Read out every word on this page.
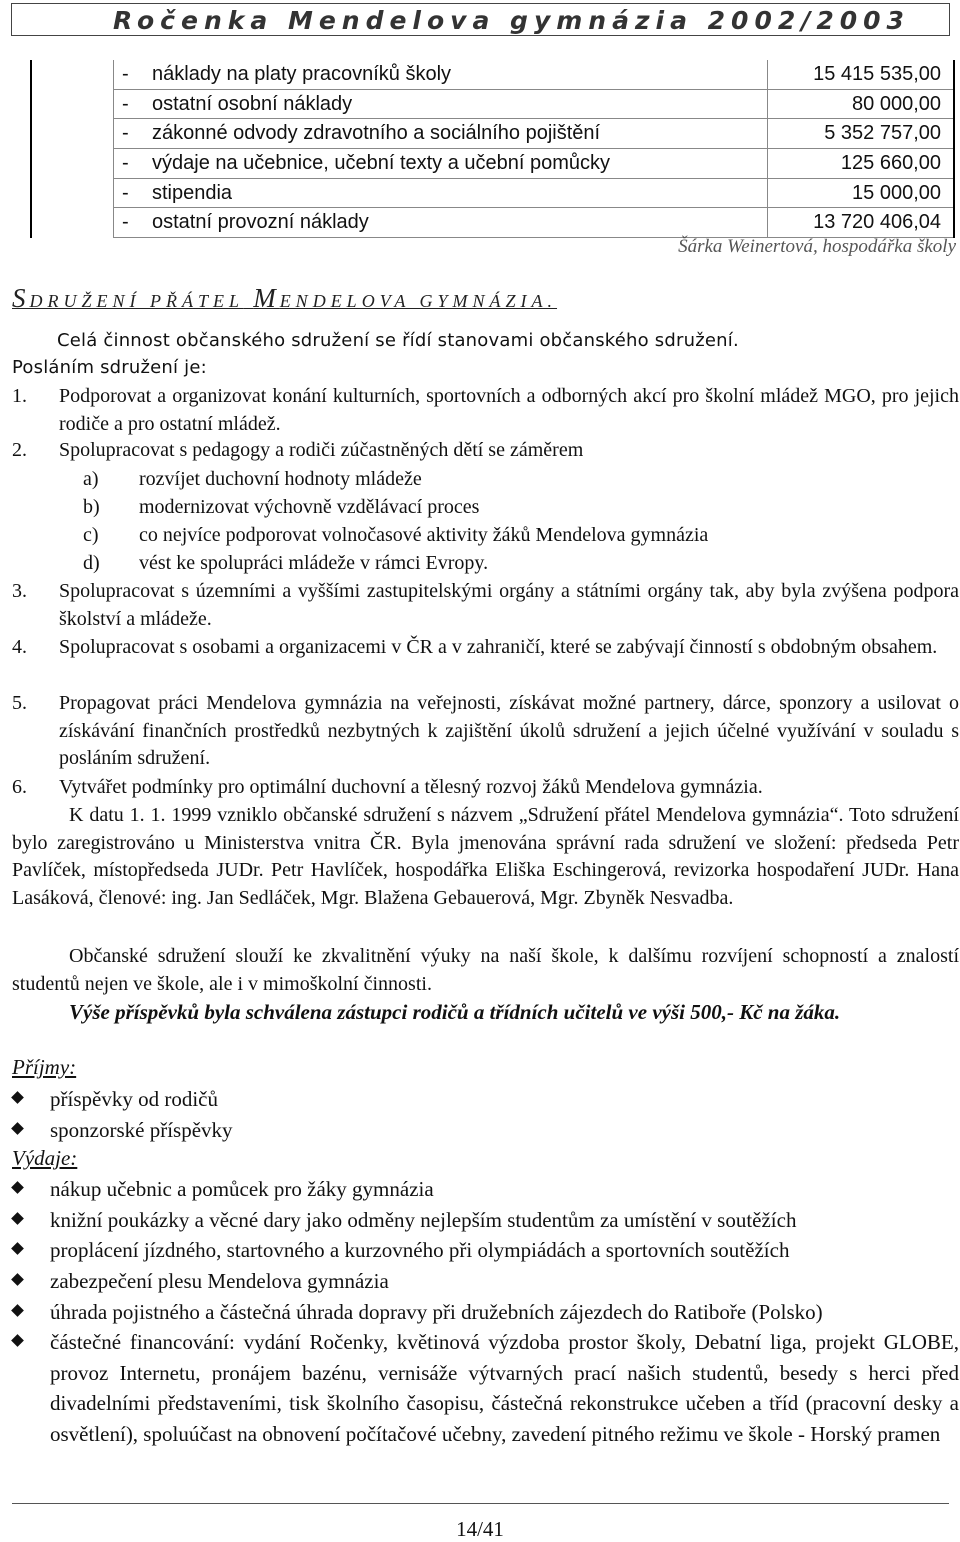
Ročenka Mendelova gymnázia 2002/2003
	- náklady na platy pracovníků školy	15 415 535,00
	- ostatní osobní náklady	80 000,00
	- zákonné odvody zdravotního a sociálního pojištění	5 352 757,00
	- výdaje na učebnice, učební texty a učební pomůcky	125 660,00
	- stipendia	15 000,00
	- ostatní provozní náklady	13 720 406,04
Šárka Weinertová, hospodářka školy
SDRUŽENÍ PŘÁTEL MENDELOVA GYMNÁZIA.

Celá činnost občanského sdružení se řídí stanovami občanského sdružení.

Posláním sdružení je:

1.	Podporovat a organizovat konání kulturních, sportovních a odborných akcí pro školní mládež MGO, pro jejich rodiče a pro ostatní mládež.

2.	Spolupracovat s pedagogy a rodiči zúčastněných dětí se záměrem

a) rozvíjet duchovní hodnoty mládeže
b) modernizovat výchovně vzdělávací proces
c) co nejvíce podporovat volnočasové aktivity žáků Mendelova gymnázia
d) vést ke spolupráci mládeže v rámci Evropy.
3.	Spolupracovat s územními a vyššími zastupitelskými orgány a státními orgány tak, aby byla zvýšena podpora školství a mládeže.

4.	Spolupracovat s osobami a organizacemi v ČR a v zahraničí, které se zabývají činností s obdobným obsahem.

5.	Propagovat práci Mendelova gymnázia na veřejnosti, získávat možné partnery, dárce, sponzory a usilovat o získávání finančních prostředků nezbytných k zajištění úkolů sdružení a jejich účelné využívání v souladu s posláním sdružení.

6.	Vytvářet podmínky pro optimální duchovní a tělesný rozvoj žáků Mendelova gymnázia.

K datu 1. 1. 1999 vzniklo občanské sdružení s názvem „Sdružení přátel Mendelova gymnázia“. Toto sdružení bylo zaregistrováno u Ministerstva vnitra ČR. Byla jmenována správní rada sdružení ve složení: předseda Petr Pavlíček, místopředseda JUDr. Petr Havlíček, hospodářka Eliška Eschingerová, revizorka hospodaření JUDr. Hana Lasáková, členové: ing. Jan Sedláček, Mgr. Blažena Gebauerová, Mgr. Zbyněk Nesvadba.

Občanské sdružení slouží ke zkvalitnění výuky na naší škole, k dalšímu rozvíjení schopností a znalostí studentů nejen ve škole, ale i v mimoškolní činnosti.

Výše příspěvků byla schválena zástupci rodičů a třídních učitelů ve výši 500,- Kč na žáka.

Příjmy:
příspěvky od rodičů
sponzorské příspěvky
Výdaje:
nákup učebnic a pomůcek pro žáky gymnázia
knižní poukázky a věcné dary jako odměny nejlepším studentům za umístění v soutěžích
proplácení jízdného, startovného a kurzovného při olympiádách a sportovních soutěžích
zabezpečení plesu Mendelova gymnázia
úhrada pojistného a částečná úhrada dopravy při družebních zájezdech do Ratiboře (Polsko)
částečné financování: vydání Ročenky, květinová výzdoba prostor školy, Debatní liga, projekt GLOBE, provoz Internetu, pronájem bazénu, vernisáže výtvarných prací našich studentů, besedy s herci před divadelními představeními, tisk školního časopisu, částečná rekonstrukce učeben a tříd (pracovní desky a osvětlení), spoluúčast na obnovení počítačové učebny, zavedení pitného režimu ve škole - Horský pramen
14/41
